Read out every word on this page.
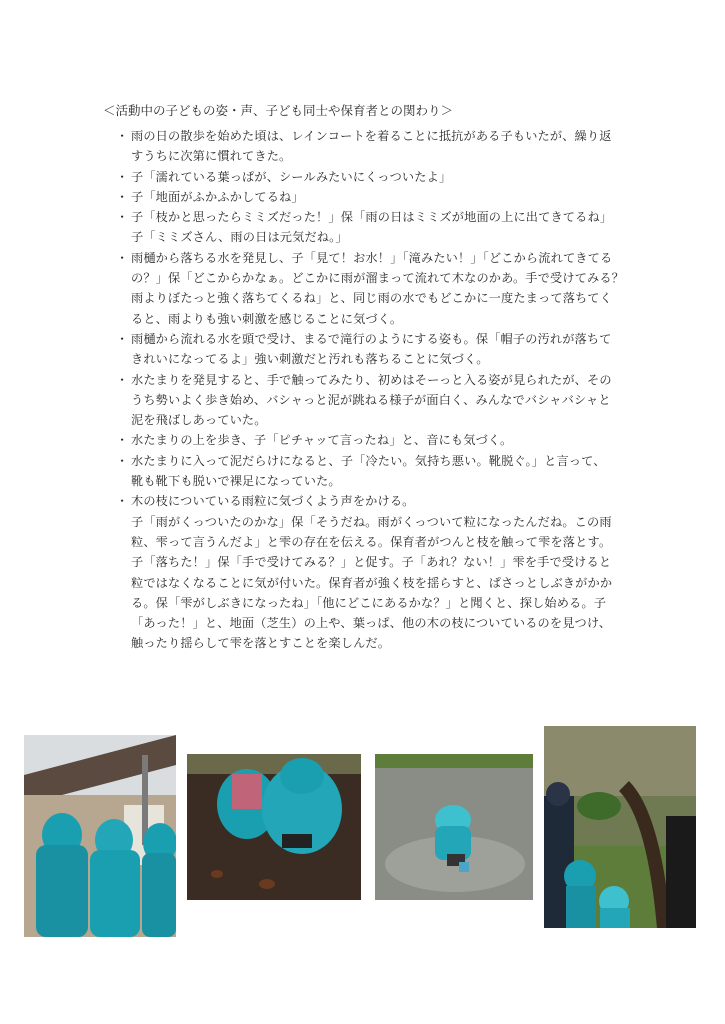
＜活動中の子どもの姿・声、子ども同士や保育者との関わり＞
・ 雨の日の散歩を始めた頃は、レインコートを着ることに抵抗がある子もいたが、繰り返
すうちに次第に慣れてきた。
・ 子「濡れている葉っぱが、シールみたいにくっついたよ」
・ 子「地面がふかふかしてるね」
・ 子「枝かと思ったらミミズだった！」保「雨の日はミミズが地面の上に出てきてるね」
子「ミミズさん、雨の日は元気だね。」
・ 雨樋から落ちる水を発見し、子「見て！お水！」「滝みたい！」「どこから流れてきてる
の？」保「どこからかなぁ。どこかに雨が溜まって流れて木なのかあ。手で受けてみる？
雨よりぼたっと強く落ちてくるね」と、同じ雨の水でもどこかに一度たまって落ちてく
ると、雨よりも強い刺激を感じることに気づく。
・ 雨樋から流れる水を頭で受け、まるで滝行のようにする姿も。保「帽子の汚れが落ちて
きれいになってるよ」強い刺激だと汚れも落ちることに気づく。
・ 水たまりを発見すると、手で触ってみたり、初めはそーっと入る姿が見られたが、その
うち勢いよく歩き始め、バシャっと泥が跳ねる様子が面白く、みんなでバシャバシャと
泥を飛ばしあっていた。
・ 水たまりの上を歩き、子「ピチャッて言ったね」と、音にも気づく。
・ 水たまりに入って泥だらけになると、子「冷たい。気持ち悪い。靴脱ぐ。」と言って、
靴も靴下も脱いで裸足になっていた。
・ 木の枝についている雨粒に気づくよう声をかける。
子「雨がくっついたのかな」保「そうだね。雨がくっついて粒になったんだね。この雨
粒、雫って言うんだよ」と雫の存在を伝える。保育者がつんと枝を触って雫を落とす。
子「落ちた！」保「手で受けてみる？」と促す。子「あれ？ない！」雫を手で受けると
粒ではなくなることに気が付いた。保育者が強く枝を揺らすと、ぱさっとしぶきがかか
る。保「雫がしぶきになったね」「他にどこにあるかな？」と聞くと、探し始める。子
「あった！」と、地面（芝生）の上や、葉っぱ、他の木の枝についているのを見つけ、
触ったり揺らして雫を落とすことを楽しんだ。
